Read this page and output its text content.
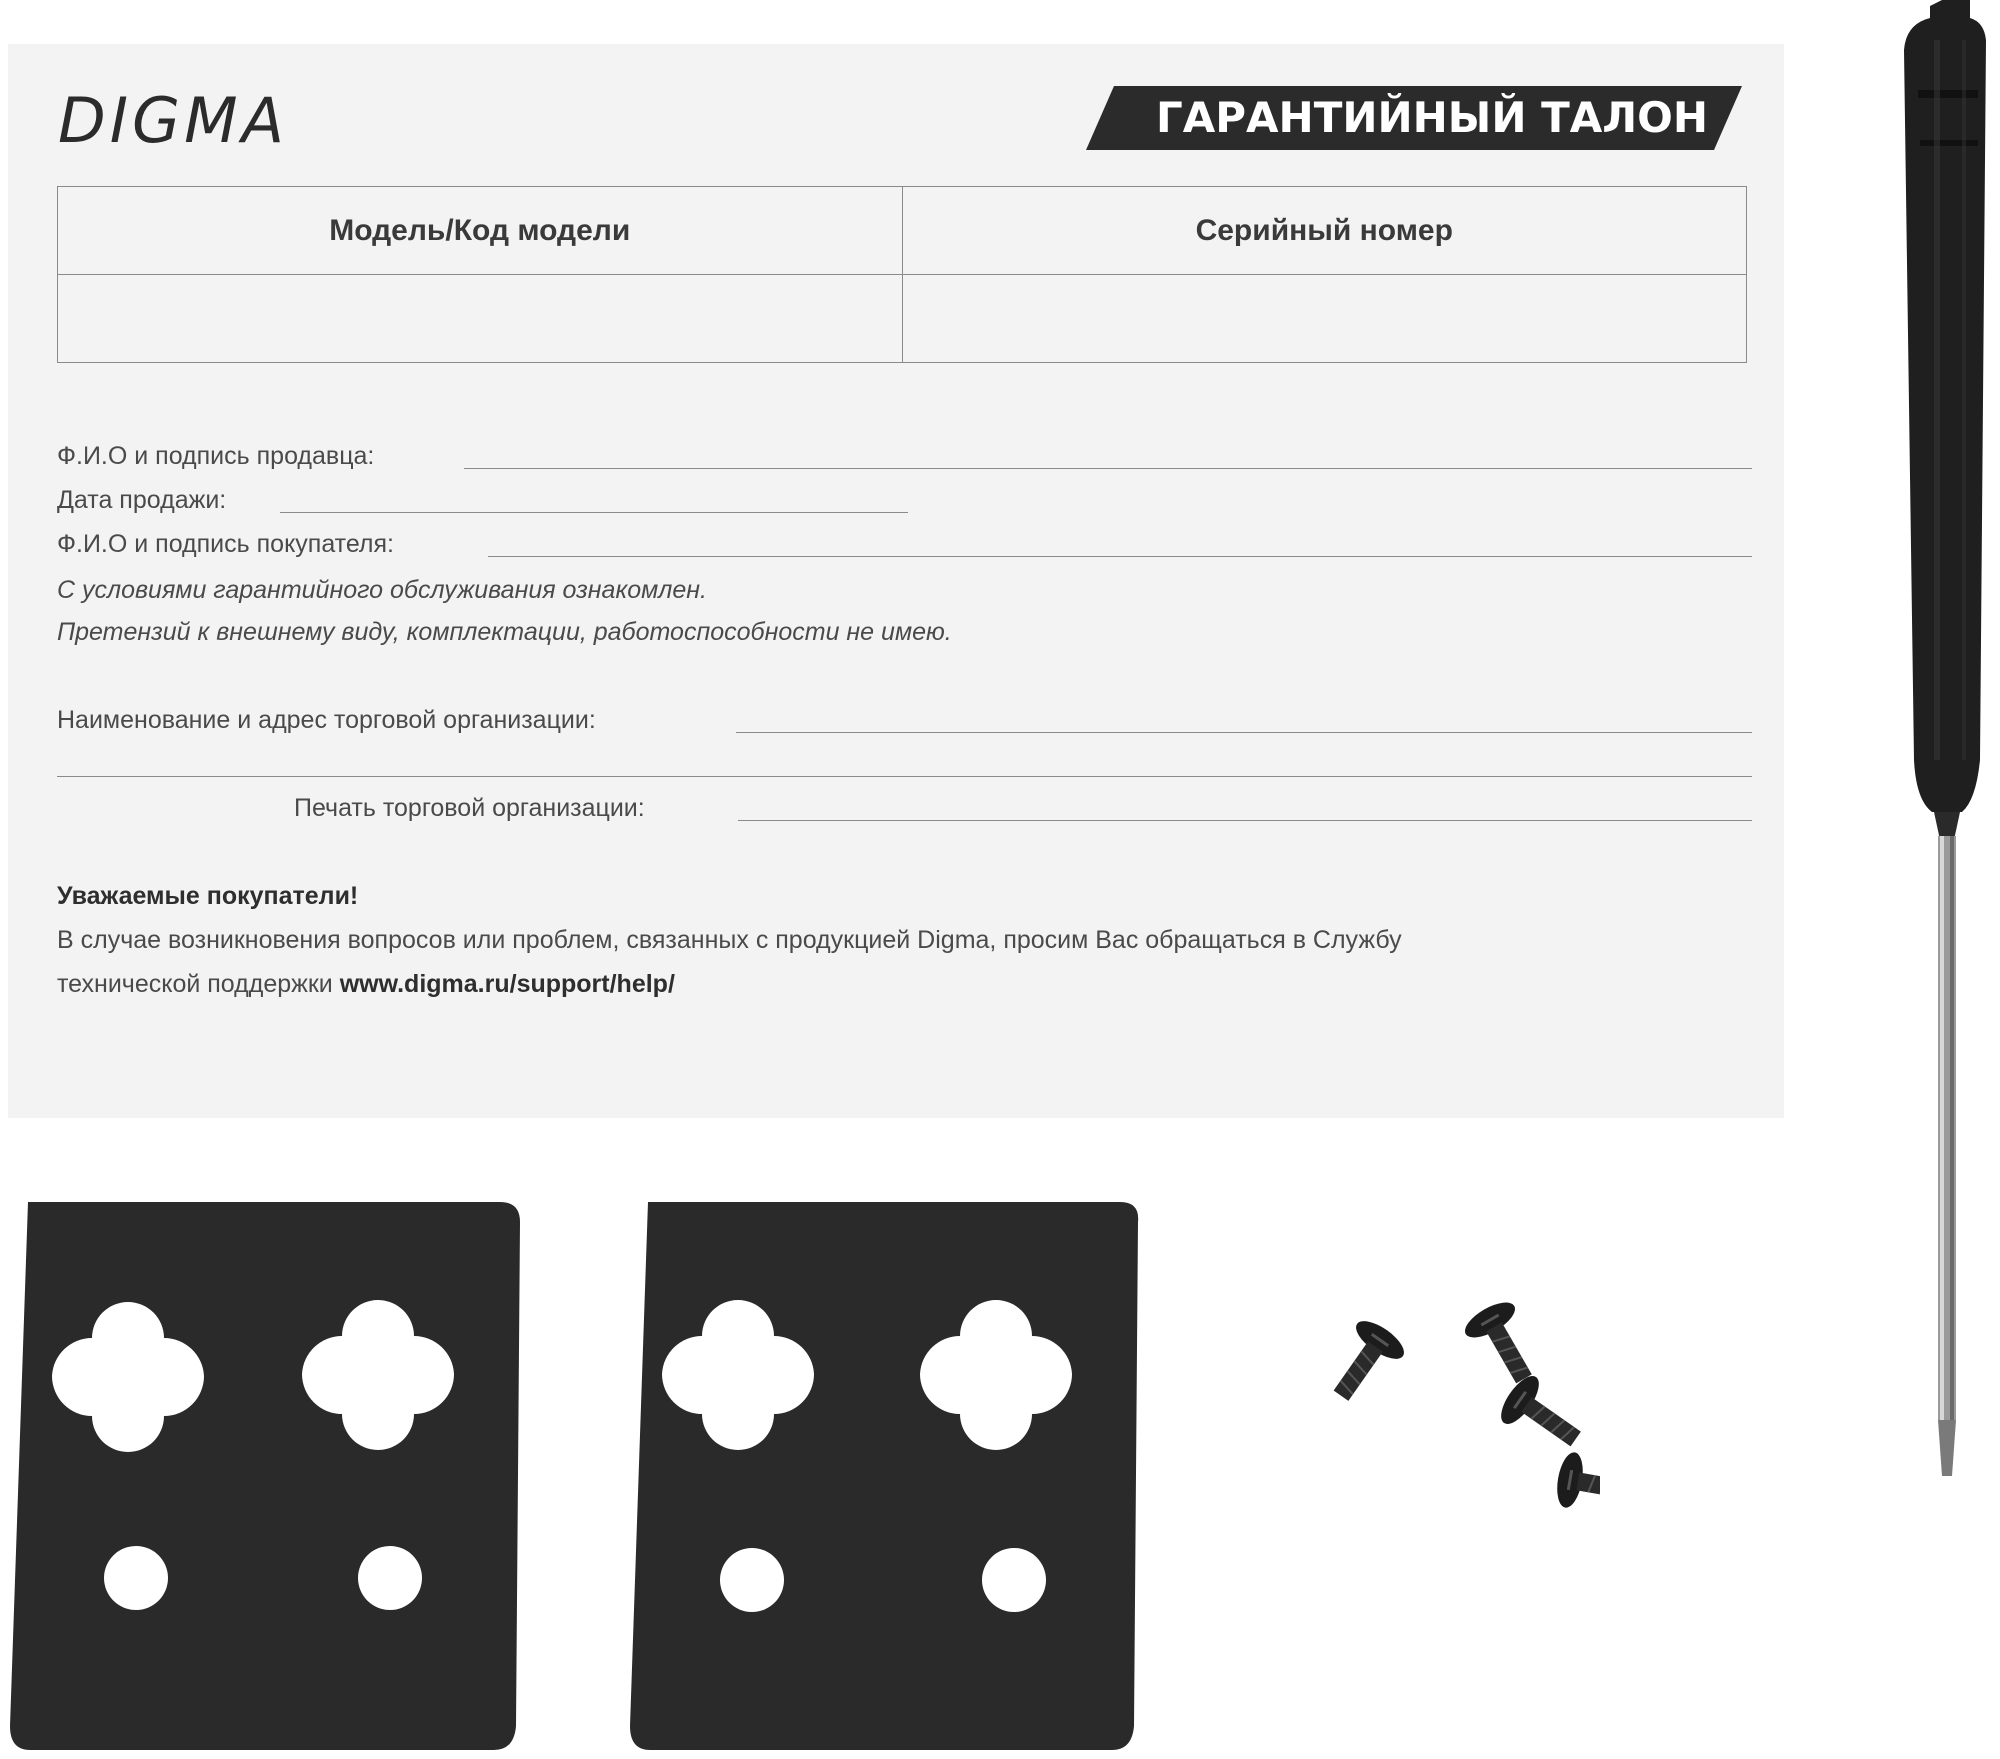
DIGMA	ГАРАНТИЙНЫЙ ТАЛОН
Модель/Код модели	Серийный номер

Ф.И.О и подпись продавца:
Дата продажи:
Ф.И.О и подпись покупателя:
С условиями гарантийного обслуживания ознакомлен.
Претензий к внешнему виду, комплектации, работоспособности не имею.
Наименование и адрес торговой организации:
Печать торговой организации:
Уважаемые покупатели!
В случае возникновения вопросов или проблем, связанных с продукцией Digma, просим Вас обращаться в Службу
технической поддержки www.digma.ru/support/help/
